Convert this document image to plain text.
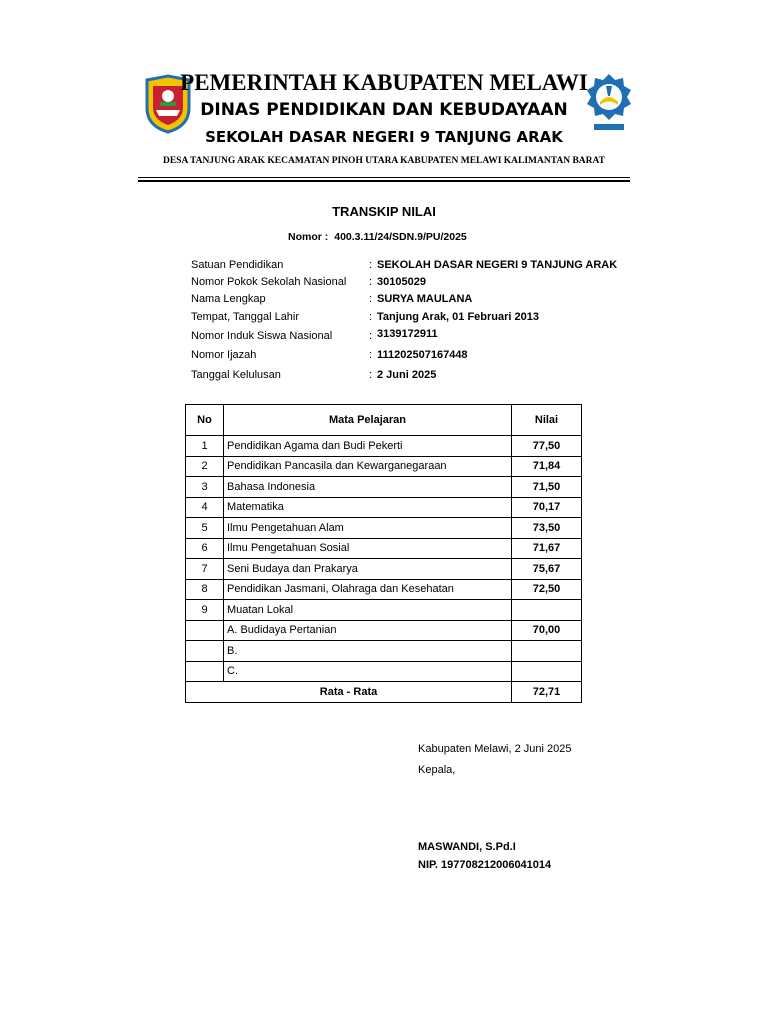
PEMERINTAH KABUPATEN MELAWI
DINAS PENDIDIKAN DAN KEBUDAYAAN
SEKOLAH DASAR NEGERI 9 TANJUNG ARAK
DESA TANJUNG ARAK KECAMATAN PINOH UTARA KABUPATEN MELAWI KALIMANTAN BARAT
TRANSKIP NILAI
Nomor : 400.3.11/24/SDN.9/PU/2025
Satuan Pendidikan	: SEKOLAH DASAR NEGERI 9 TANJUNG ARAK
Nomor Pokok Sekolah Nasional : 30105029
Nama Lengkap	: SURYA MAULANA
Tempat, Tanggal Lahir	: Tanjung Arak, 01 Februari 2013
Nomor Induk Siswa Nasional	: 3139172911
Nomor Ijazah	: 111202507167448
Tanggal Kelulusan	: 2 Juni 2025
No	Mata Pelajaran	Nilai
1	Pendidikan Agama dan Budi Pekerti	77,50
2	Pendidikan Pancasila dan Kewarganegaraan	71,84
3	Bahasa Indonesia	71,50
4	Matematika	70,17
5	Ilmu Pengetahuan Alam	73,50
6	Ilmu Pengetahuan Sosial	71,67
7	Seni Budaya dan Prakarya	75,67
8	Pendidikan Jasmani, Olahraga dan Kesehatan	72,50
9	Muatan Lokal	
	A. Budidaya Pertanian	70,00
	B.	
	C.	
Rata - Rata		72,71
Kabupaten Melawi, 2 Juni 2025
Kepala,
MASWANDI, S.Pd.I
NIP. 197708212006041014
